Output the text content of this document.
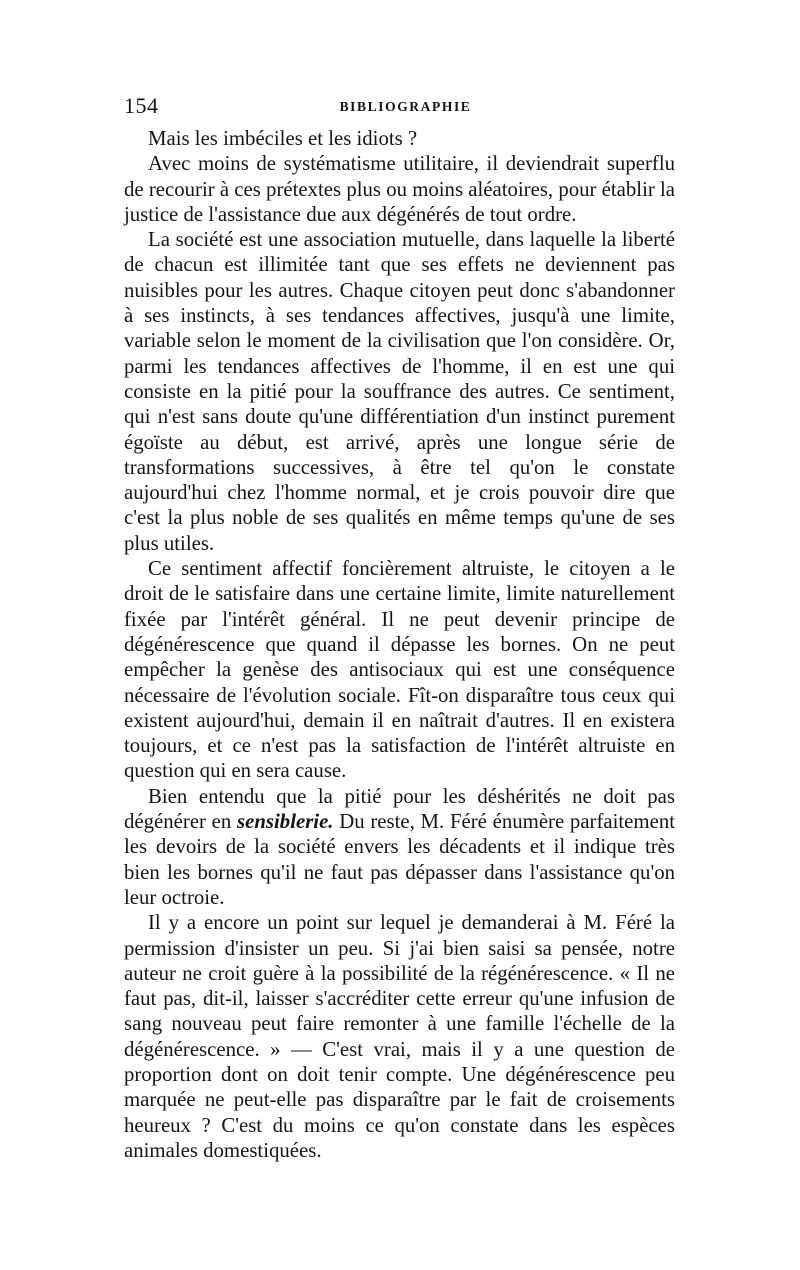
154	BIBLIOGRAPHIE

Mais les imbéciles et les idiots ?

Avec moins de systématisme utilitaire, il deviendrait superflu de recourir à ces prétextes plus ou moins aléatoires, pour établir la justice de l'assistance due aux dégénérés de tout ordre.

La société est une association mutuelle, dans laquelle la liberté de chacun est illimitée tant que ses effets ne deviennent pas nuisibles pour les autres. Chaque citoyen peut donc s'abandonner à ses instincts, à ses tendances affectives, jusqu'à une limite, variable selon le moment de la civilisation que l'on considère. Or, parmi les tendances affectives de l'homme, il en est une qui consiste en la pitié pour la souffrance des autres. Ce sentiment, qui n'est sans doute qu'une différentiation d'un instinct purement égoïste au début, est arrivé, après une longue série de transformations successives, à être tel qu'on le constate aujourd'hui chez l'homme normal, et je crois pouvoir dire que c'est la plus noble de ses qualités en même temps qu'une de ses plus utiles.

Ce sentiment affectif foncièrement altruiste, le citoyen a le droit de le satisfaire dans une certaine limite, limite naturellement fixée par l'intérêt général. Il ne peut devenir principe de dégénérescence que quand il dépasse les bornes. On ne peut empêcher la genèse des antisociaux qui est une conséquence nécessaire de l'évolution sociale. Fît-on disparaître tous ceux qui existent aujourd'hui, demain il en naîtrait d'autres. Il en existera toujours, et ce n'est pas la satisfaction de l'intérêt altruiste en question qui en sera cause.

Bien entendu que la pitié pour les déshérités ne doit pas dégénérer en sensiblerie. Du reste, M. Féré énumère parfaitement les devoirs de la société envers les décadents et il indique très bien les bornes qu'il ne faut pas dépasser dans l'assistance qu'on leur octroie.

Il y a encore un point sur lequel je demanderai à M. Féré la permission d'insister un peu. Si j'ai bien saisi sa pensée, notre auteur ne croit guère à la possibilité de la régénérescence. « Il ne faut pas, dit-il, laisser s'accréditer cette erreur qu'une infusion de sang nouveau peut faire remonter à une famille l'échelle de la dégénérescence. » — C'est vrai, mais il y a une question de proportion dont on doit tenir compte. Une dégénérescence peu marquée ne peut-elle pas disparaître par le fait de croisements heureux ? C'est du moins ce qu'on constate dans les espèces animales domestiquées.
